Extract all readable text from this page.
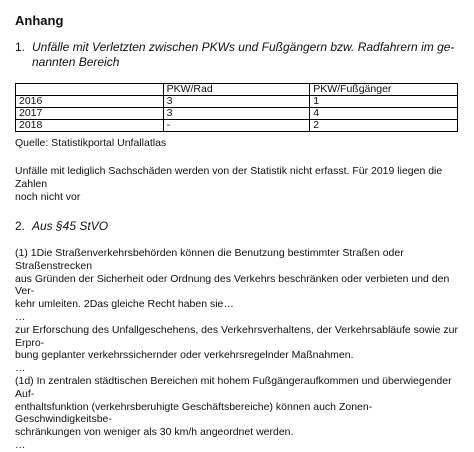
Anhang
1. Unfälle mit Verletzten zwischen PKWs und Fußgängern bzw. Radfahrern im ge-
nannten Bereich
	PKW/Rad	PKW/Fußgänger
2016	3	1
2017	3	4
2018	-	2

Quelle: Statistikportal Unfallatlas

Unfälle mit lediglich Sachschäden werden von der Statistik nicht erfasst. Für 2019 liegen die Zahlen
noch nicht vor
2. Aus §45 StVO

(1) 1Die Straßenverkehrsbehörden können die Benutzung bestimmter Straßen oder Straßenstrecken

aus Gründen der Sicherheit oder Ordnung des Verkehrs beschränken oder verbieten und den Ver-

kehr umleiten. 2Das gleiche Recht haben sie…

…

zur Erforschung des Unfallgeschehens, des Verkehrsverhaltens, der Verkehrsabläufe sowie zur Erpro-

bung geplanter verkehrssichernder oder verkehrsregelnder Maßnahmen.

…

(1d) In zentralen städtischen Bereichen mit hohem Fußgängeraufkommen und überwiegender Auf-

enthaltsfunktion (verkehrsberuhigte Geschäftsbereiche) können auch Zonen-Geschwindigkeitsbe-

schränkungen von weniger als 30 km/h angeordnet werden.

…
